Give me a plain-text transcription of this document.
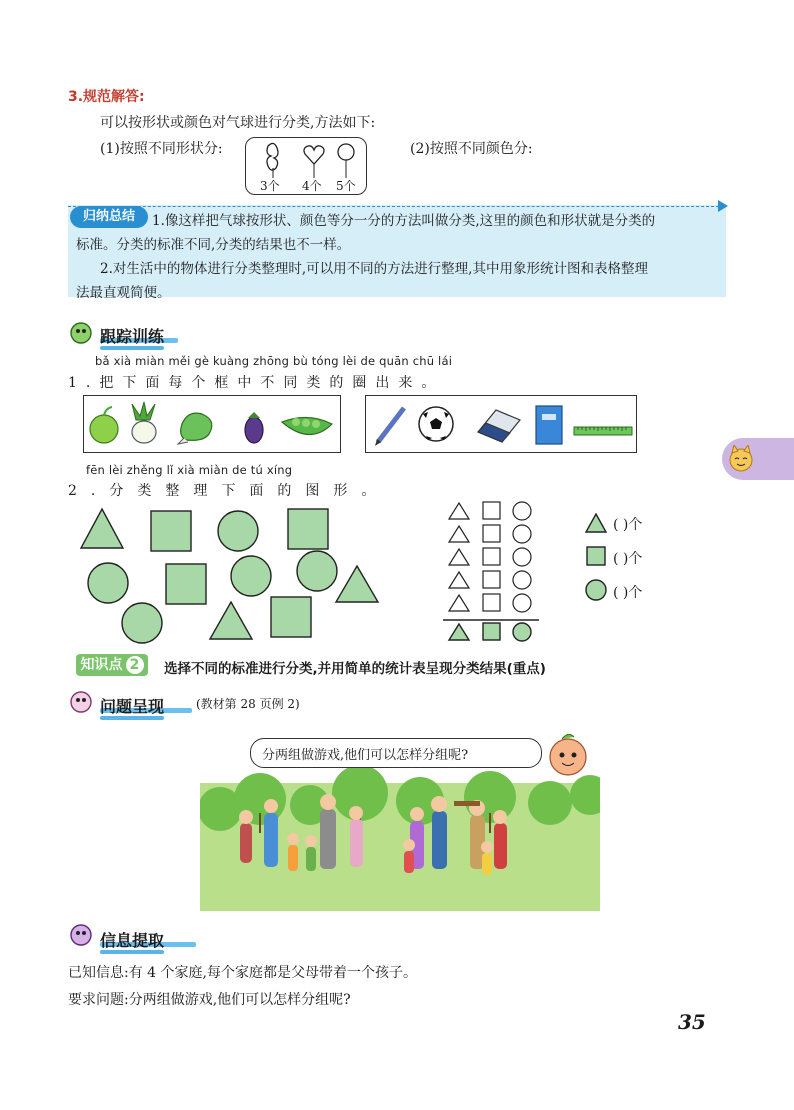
3.规范解答:
可以按形状或颜色对气球进行分类,方法如下:
(1)按照不同形状分:	(2)按照不同颜色分:
3个 4个 5个
归纳总结	1.像这样把气球按形状、颜色等分一分的方法叫做分类,这里的颜色和形状就是分类的
标准。分类的标准不同,分类的结果也不一样。
2.对生活中的物体进行分类整理时,可以用不同的方法进行整理,其中用象形统计图和表格整理
法最直观简便。
跟踪训练
bǎ xià miàn měi gè kuàng zhōng bù tóng lèi de quān chū lái
1.把下面每个框中不同类的圈出来。
fēn lèi zhěng lǐ xià miàn de tú xíng
2.分类整理下面的图形。
( )个
( )个
( )个
知识点 2	选择不同的标准进行分类,并用简单的统计表呈现分类结果(重点)
问题呈现	(教材第 28 页例 2)
分两组做游戏,他们可以怎样分组呢?
信息提取
已知信息:有 4 个家庭,每个家庭都是父母带着一个孩子。
要求问题:分两组做游戏,他们可以怎样分组呢?
35
